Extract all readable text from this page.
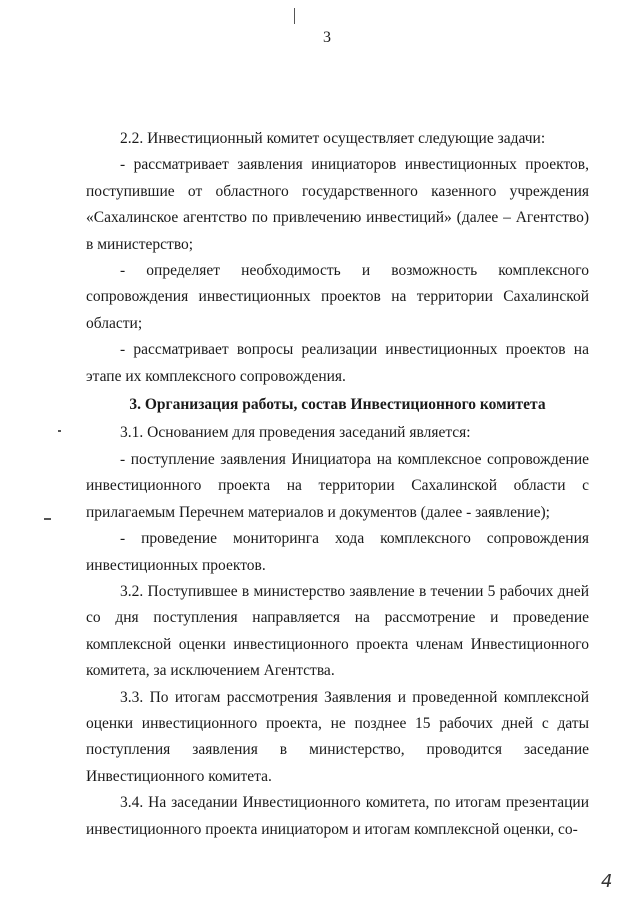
3

2.2. Инвестиционный комитет осуществляет следующие задачи:

- рассматривает заявления инициаторов инвестиционных проектов, поступившие от областного государственного казенного учреждения «Сахалинское агентство по привлечению инвестиций» (далее – Агентство) в министерство;

- определяет необходимость и возможность комплексного сопровождения инвестиционных проектов на территории Сахалинской области;

- рассматривает вопросы реализации инвестиционных проектов на этапе их комплексного сопровождения.

3. Организация работы, состав Инвестиционного комитета

3.1. Основанием для проведения заседаний является:

- поступление заявления Инициатора на комплексное сопровождение инвестиционного проекта на территории Сахалинской области с прилагаемым Перечнем материалов и документов (далее - заявление);

- проведение мониторинга хода комплексного сопровождения инвестиционных проектов.

3.2. Поступившее в министерство заявление в течении 5 рабочих дней со дня поступления направляется на рассмотрение и проведение комплексной оценки инвестиционного проекта членам Инвестиционного комитета, за исключением Агентства.

3.3. По итогам рассмотрения Заявления и проведенной комплексной оценки инвестиционного проекта, не позднее 15 рабочих дней с даты поступления заявления в министерство, проводится заседание Инвестиционного комитета.

3.4. На заседании Инвестиционного комитета, по итогам презентации инвестиционного проекта инициатором и итогам комплексной оценки, со-

4
